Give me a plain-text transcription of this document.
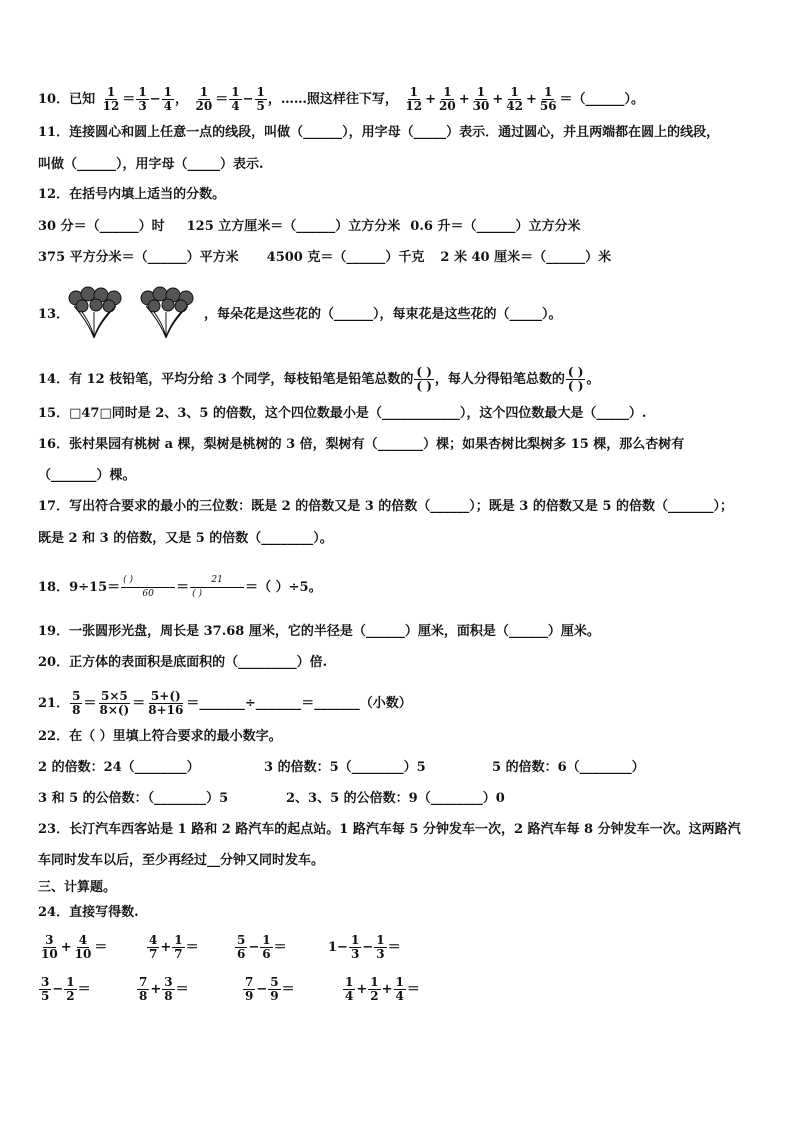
10．已知 $\frac{1}{12} = \frac{1}{3} - \frac{1}{4}$ ， $\frac{1}{20} = \frac{1}{4} - \frac{1}{5}$ ，……照这样往下写， $\frac{1}{12} + \frac{1}{20} + \frac{1}{30} + \frac{1}{42} + \frac{1}{56}$ ＝（______）。
11．连接圆心和圆上任意一点的线段，叫做（______），用字母（_____）表示．通过圆心，并且两端都在圆上的线段，
叫做（______），用字母（_____）表示.
12．在括号内填上适当的分数。
30 分＝（______）时 125 立方厘米＝（______）立方分米 0.6 升＝（______）立方分米
375 平方分米＝（______）平方米 4500 克＝（______）千克 2 米 40 厘米＝（______）米
13．	，每朵花是这些花的（______），每束花是这些花的（_____）。
14．有 12 枝铅笔，平均分给 3 个同学，每枝铅笔是铅笔总数的 $\frac{( )}{( )}$ ，每人分得铅笔总数的 $\frac{( )}{( )}$ 。
15．□47□同时是 2、3、5 的倍数，这个四位数最小是（____________），这个四位数最大是（_____）.
16．张村果园有桃树 a 棵，梨树是桃树的 3 倍，梨树有（_______）棵；如果杏树比梨树多 15 棵，那么杏树有
（_______）棵。
17．写出符合要求的最小的三位数：既是 2 的倍数又是 3 的倍数（______）；既是 3 的倍数又是 5 的倍数（_______）；
既是 2 和 3 的倍数，又是 5 的倍数（________）。
18．$9\div 15= \frac{( )}{60} = \frac{21}{( )}$ ＝（ ）÷5。
19．一张圆形光盘，周长是 37.68 厘米，它的半径是（______）厘米，面积是（______）厘米。
20．正方体的表面积是底面积的（_________）倍.
21． $\frac{5}{8} = \frac{5\times 5}{8\times()} = \frac{5+()}{8+16}$ ＝_______÷_______＝_______（小数）
22．在（ ）里填上符合要求的最小数字。
2 的倍数：24（________）	3 的倍数：5（________）5	5 的倍数：6（________）
3 和 5 的公倍数：（________）5	2、3、5 的公倍数：9（________）0
23．长汀汽车西客站是 1 路和 2 路汽车的起点站。1 路汽车每 5 分钟发车一次，2 路汽车每 8 分钟发车一次。这两路汽
车同时发车以后，至少再经过__分钟又同时发车。
三、计算题。
24．直接写得数.
$\frac{3}{10} + \frac{4}{10}$ ＝	$\frac{4}{7} + \frac{1}{7}$ ＝	$\frac{5}{6} - \frac{1}{6}$ ＝	$1- \frac{1}{3} - \frac{1}{3}$ ＝
$\frac{3}{5} - \frac{1}{2}$ ＝	$\frac{7}{8} + \frac{3}{8}$ ＝	$\frac{7}{9} - \frac{5}{9}$ ＝	$\frac{1}{4} + \frac{1}{2} + \frac{1}{4}$ ＝
